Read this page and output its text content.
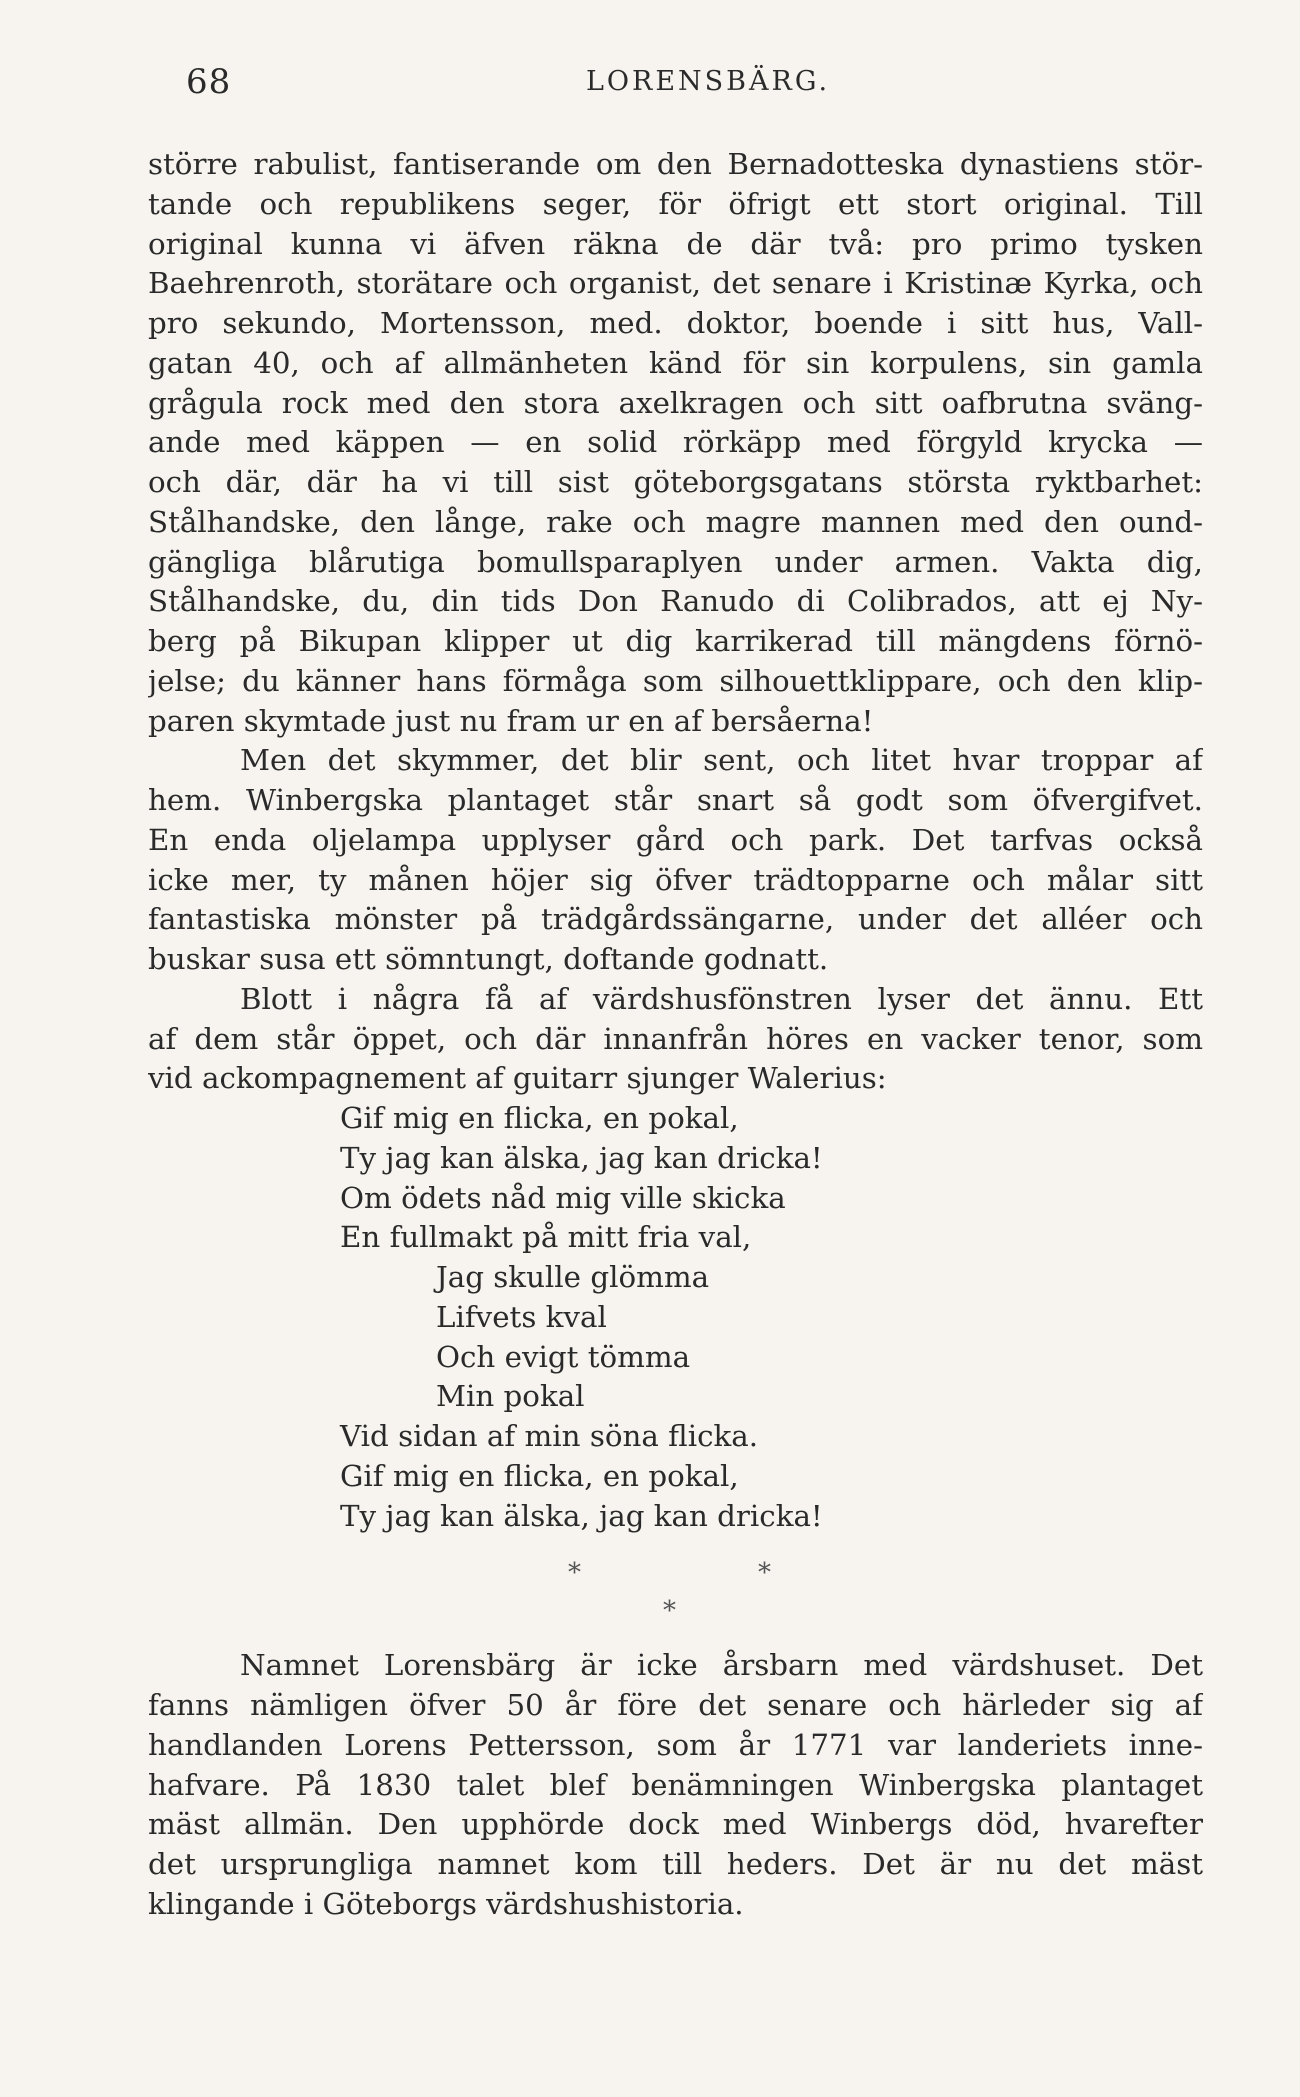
68	LORENSBÄRG.
större rabulist, fantiserande om den Bernadotteska dynastiens stör-
tande och republikens seger, för öfrigt ett stort original. Till
original kunna vi äfven räkna de där två: pro primo tysken
Baehrenroth, storätare och organist, det senare i Kristinæ Kyrka, och
pro sekundo, Mortensson, med. doktor, boende i sitt hus, Vall-
gatan 40, och af allmänheten känd för sin korpulens, sin gamla
grågula rock med den stora axelkragen och sitt oafbrutna sväng-
ande med käppen — en solid rörkäpp med förgyld krycka —
och där, där ha vi till sist göteborgsgatans största ryktbarhet:
Stålhandske, den långe, rake och magre mannen med den ound-
gängliga blårutiga bomullsparaplyen under armen. Vakta dig,
Stålhandske, du, din tids Don Ranudo di Colibrados, att ej Ny-
berg på Bikupan klipper ut dig karrikerad till mängdens förnö-
jelse; du känner hans förmåga som silhouettklippare, och den klip-
paren skymtade just nu fram ur en af bersåerna!
Men det skymmer, det blir sent, och litet hvar troppar af
hem. Winbergska plantaget står snart så godt som öfvergifvet.
En enda oljelampa upplyser gård och park. Det tarfvas också
icke mer, ty månen höjer sig öfver trädtopparne och målar sitt
fantastiska mönster på trädgårdssängarne, under det alléer och
buskar susa ett sömntungt, doftande godnatt.
Blott i några få af värdshusfönstren lyser det ännu. Ett
af dem står öppet, och där innanfrån höres en vacker tenor, som
vid ackompagnement af guitarr sjunger Walerius:
Gif mig en flicka, en pokal,
Ty jag kan älska, jag kan dricka!
Om ödets nåd mig ville skicka
En fullmakt på mitt fria val,
Jag skulle glömma
Lifvets kval
Och evigt tömma
Min pokal
Vid sidan af min söna flicka.
Gif mig en flicka, en pokal,
Ty jag kan älska, jag kan dricka!
*	*
*
Namnet Lorensbärg är icke årsbarn med värdshuset. Det
fanns nämligen öfver 50 år före det senare och härleder sig af
handlanden Lorens Pettersson, som år 1771 var landeriets inne-
hafvare. På 1830 talet blef benämningen Winbergska plantaget
mäst allmän. Den upphörde dock med Winbergs död, hvarefter
det ursprungliga namnet kom till heders. Det är nu det mäst
klingande i Göteborgs värdshushistoria.
